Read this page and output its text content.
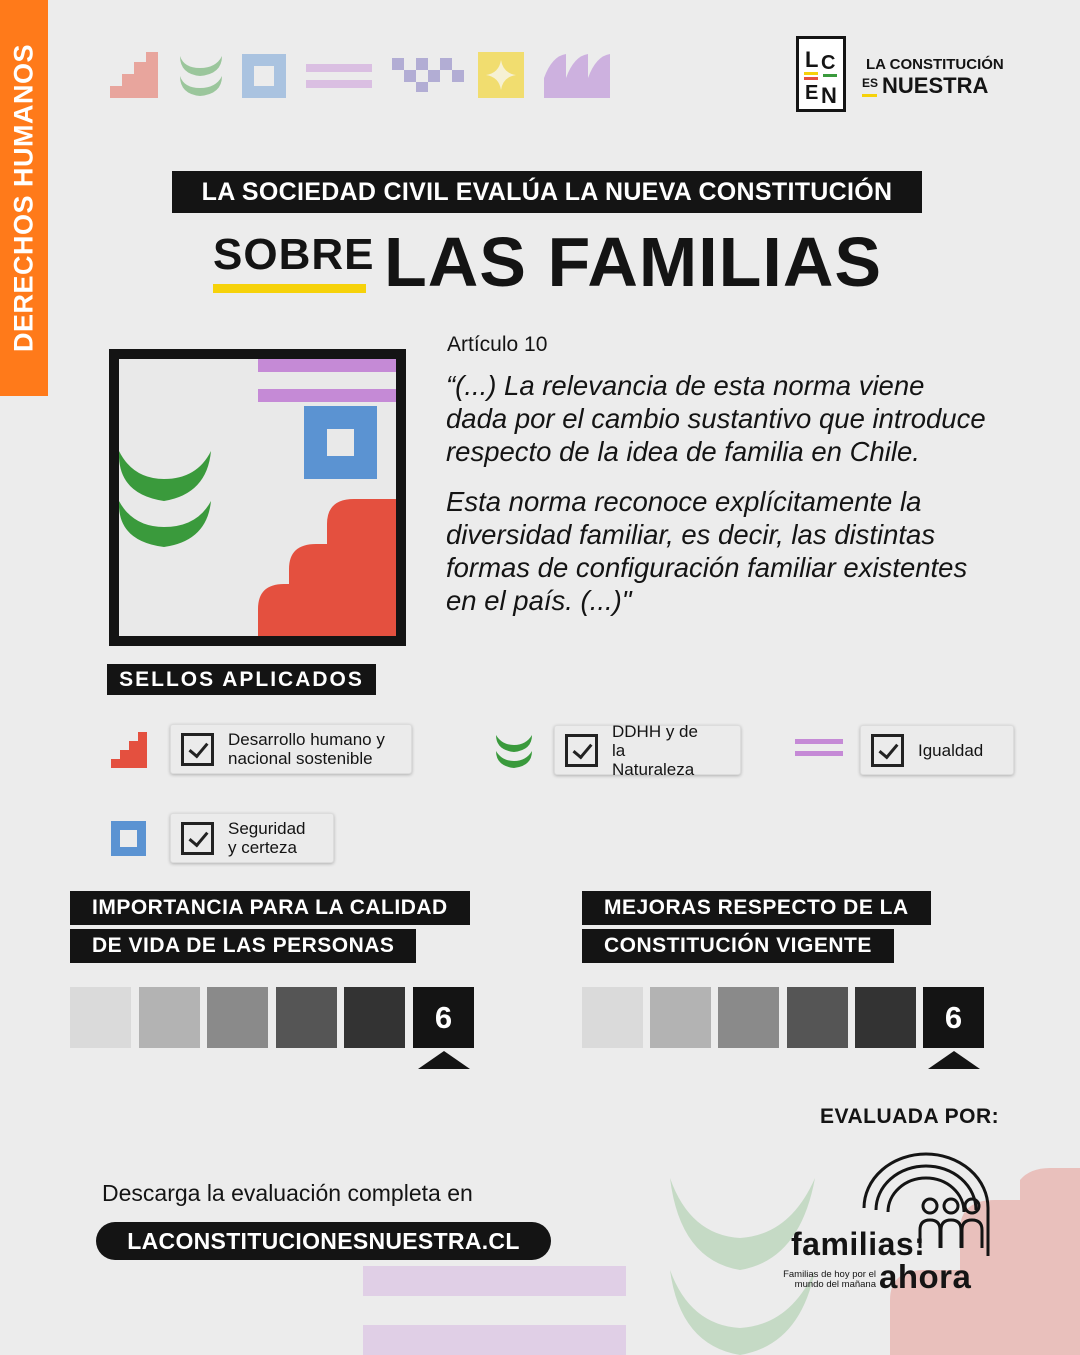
DERECHOS HUMANOS	L C
E N
LA CONSTITUCIÓN
$^{ES}$ NUESTRA
LA SOCIEDAD CIVIL EVALÚA LA NUEVA CONSTITUCIÓN
SOBRE LAS FAMILIAS
Artículo 10

“(...) La relevancia de esta norma viene dada por el cambio sustantivo que introduce respecto de la idea de familia en Chile.

Esta norma reconoce explícitamente la diversidad familiar, es decir, las distintas formas de configuración familiar existentes en el país. (...)"

SELLOS APLICADOS
Desarrollo humano y nacional sostenible
DDHH y de la Naturaleza
Igualdad
Seguridad y certeza
IMPORTANCIA PARA LA CALIDAD
DE VIDA DE LAS PERSONAS
6
MEJORAS RESPECTO DE LA
CONSTITUCIÓN VIGENTE
6
Descarga la evaluación completa en
LACONSTITUCIONESNUESTRA.CL
EVALUADA POR:
familias:
ahora
Familias de hoy por el mundo del mañana
